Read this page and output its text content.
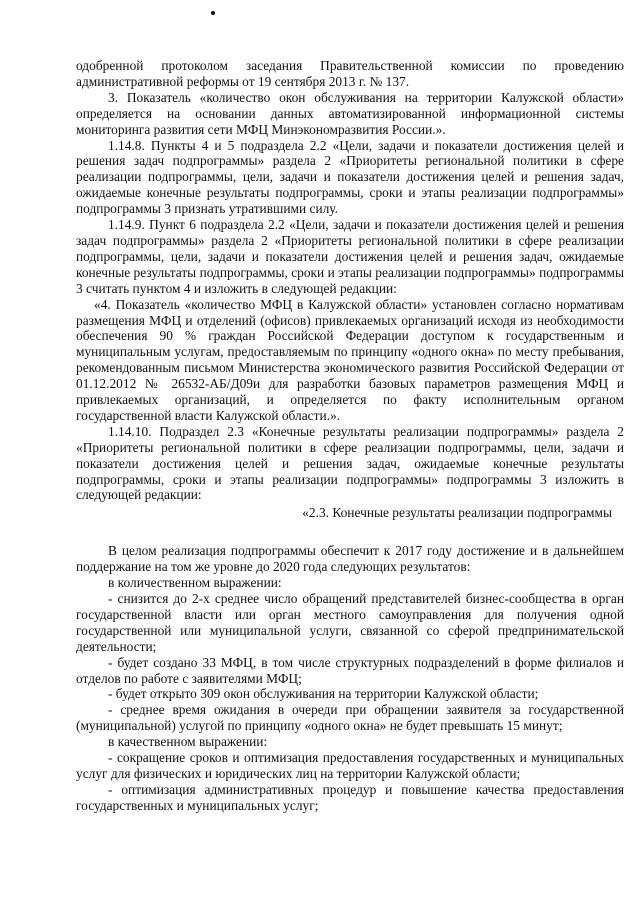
одобренной протоколом заседания Правительственной комиссии по проведению административной реформы от 19 сентября 2013 г. № 137.

3. Показатель «количество окон обслуживания на территории Калужской области» определяется на основании данных автоматизированной информационной системы мониторинга развития сети МФЦ Минэкономразвития России.».

1.14.8. Пункты 4 и 5 подраздела 2.2 «Цели, задачи и показатели достижения целей и решения задач подпрограммы» раздела 2 «Приоритеты региональной политики в сфере реализации подпрограммы, цели, задачи и показатели достижения целей и решения задач, ожидаемые конечные результаты подпрограммы, сроки и этапы реализации подпрограммы» подпрограммы 3 признать утратившими силу.

1.14.9. Пункт 6 подраздела 2.2 «Цели, задачи и показатели достижения целей и решения задач подпрограммы» раздела 2 «Приоритеты региональной политики в сфере реализации подпрограммы, цели, задачи и показатели достижения целей и решения задач, ожидаемые конечные результаты подпрограммы, сроки и этапы реализации подпрограммы» подпрограммы 3 считать пунктом 4 и изложить в следующей редакции:

«4. Показатель «количество МФЦ в Калужской области» установлен согласно нормативам размещения МФЦ и отделений (офисов) привлекаемых организаций исходя из необходимости обеспечения 90 % граждан Российской Федерации доступом к государственным и муниципальным услугам, предоставляемым по принципу «одного окна» по месту пребывания, рекомендованным письмом Министерства экономического развития Российской Федерации от 01.12.2012 № 26532-АБ/Д09и для разработки базовых параметров размещения МФЦ и привлекаемых организаций, и определяется по факту исполнительным органом государственной власти Калужской области.».

1.14.10. Подраздел 2.3 «Конечные результаты реализации подпрограммы» раздела 2 «Приоритеты региональной политики в сфере реализации подпрограммы, цели, задачи и показатели достижения целей и решения задач, ожидаемые конечные результаты подпрограммы, сроки и этапы реализации подпрограммы» подпрограммы 3 изложить в следующей редакции:

«2.3. Конечные результаты реализации подпрограммы

В целом реализация подпрограммы обеспечит к 2017 году достижение и в дальнейшем поддержание на том же уровне до 2020 года следующих результатов:

в количественном выражении:

- снизится до 2-х среднее число обращений представителей бизнес-сообщества в орган государственной власти или орган местного самоуправления для получения одной государственной или муниципальной услуги, связанной со сферой предпринимательской деятельности;

- будет создано 33 МФЦ, в том числе структурных подразделений в форме филиалов и отделов по работе с заявителями МФЦ;

- будет открыто 309 окон обслуживания на территории Калужской области;

- среднее время ожидания в очереди при обращении заявителя за государственной (муниципальной) услугой по принципу «одного окна» не будет превышать 15 минут;

в качественном выражении:

- сокращение сроков и оптимизация предоставления государственных и муниципальных услуг для физических и юридических лиц на территории Калужской области;

- оптимизация административных процедур и повышение качества предоставления государственных и муниципальных услуг;
